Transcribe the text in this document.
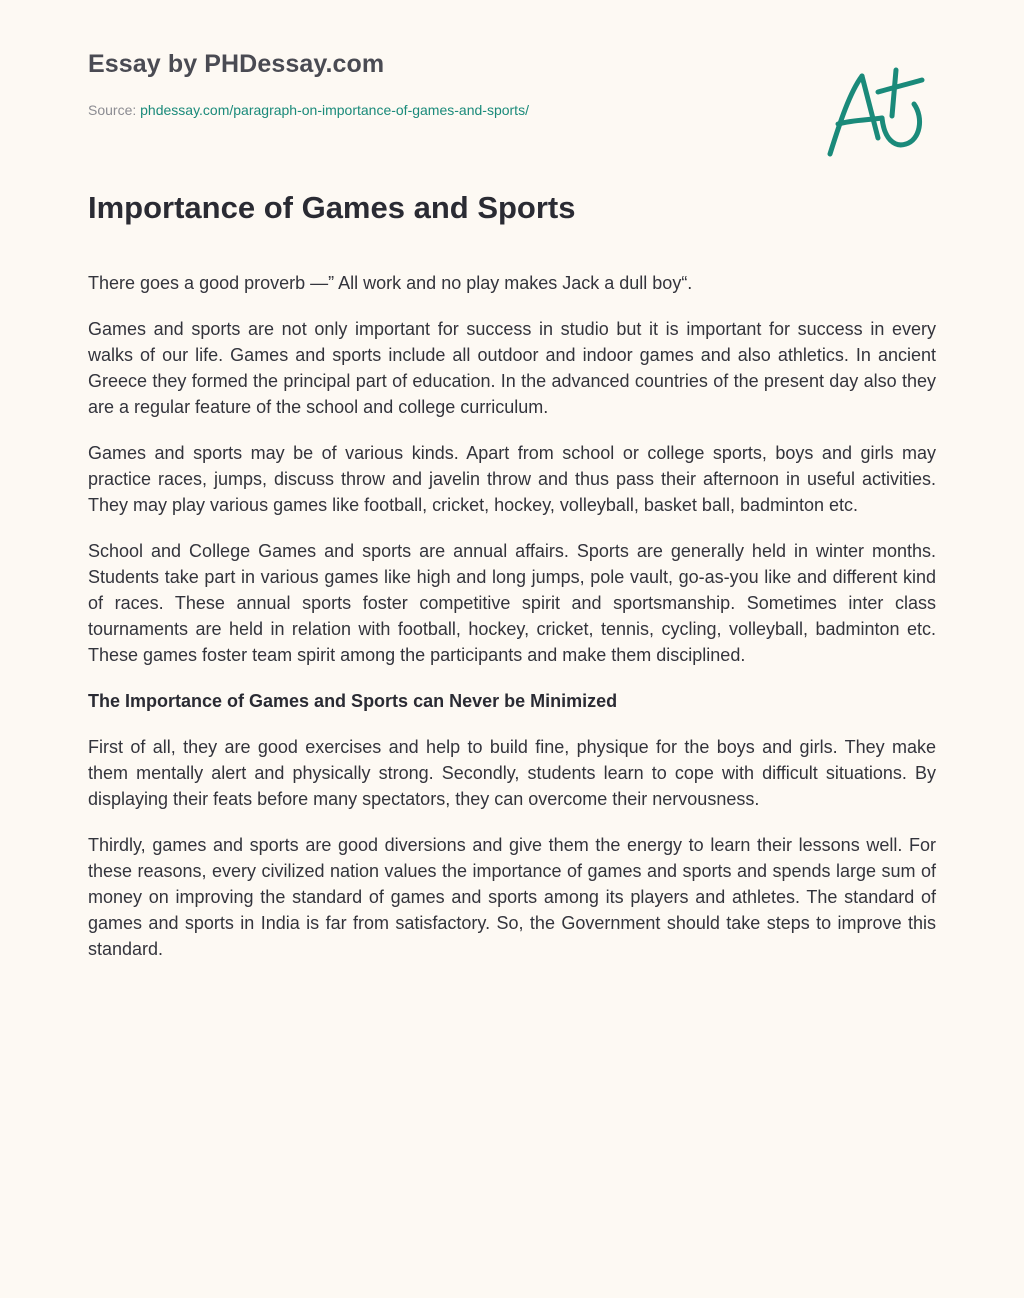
Essay by PHDessay.com
Source: phdessay.com/paragraph-on-importance-of-games-and-sports/
Importance of Games and Sports

There goes a good proverb —” All work and no play makes Jack a dull boy“.

Games and sports are not only important for success in studio but it is important for success in every walks of our life. Games and sports include all outdoor and indoor games and also athletics. In ancient Greece they formed the principal part of education. In the advanced countries of the present day also they are a regular feature of the school and college curriculum.

Games and sports may be of various kinds. Apart from school or college sports, boys and girls may practice races, jumps, discuss throw and javelin throw and thus pass their afternoon in useful activities. They may play various games like football, cricket, hockey, volleyball, basket ball, badminton etc.

School and College Games and sports are annual affairs. Sports are generally held in winter months. Students take part in various games like high and long jumps, pole vault, go-as-you like and different kind of races. These annual sports foster competitive spirit and sportsmanship. Sometimes inter class tournaments are held in relation with football, hockey, cricket, tennis, cycling, volleyball, badminton etc. These games foster team spirit among the participants and make them disciplined.

The Importance of Games and Sports can Never be Minimized

First of all, they are good exercises and help to build fine, physique for the boys and girls. They make them mentally alert and physically strong. Secondly, students learn to cope with difficult situations. By displaying their feats before many spectators, they can overcome their nervousness.

Thirdly, games and sports are good diversions and give them the energy to learn their lessons well. For these reasons, every civilized nation values the importance of games and sports and spends large sum of money on improving the standard of games and sports among its players and athletes. The standard of games and sports in India is far from satisfactory. So, the Government should take steps to improve this standard.
